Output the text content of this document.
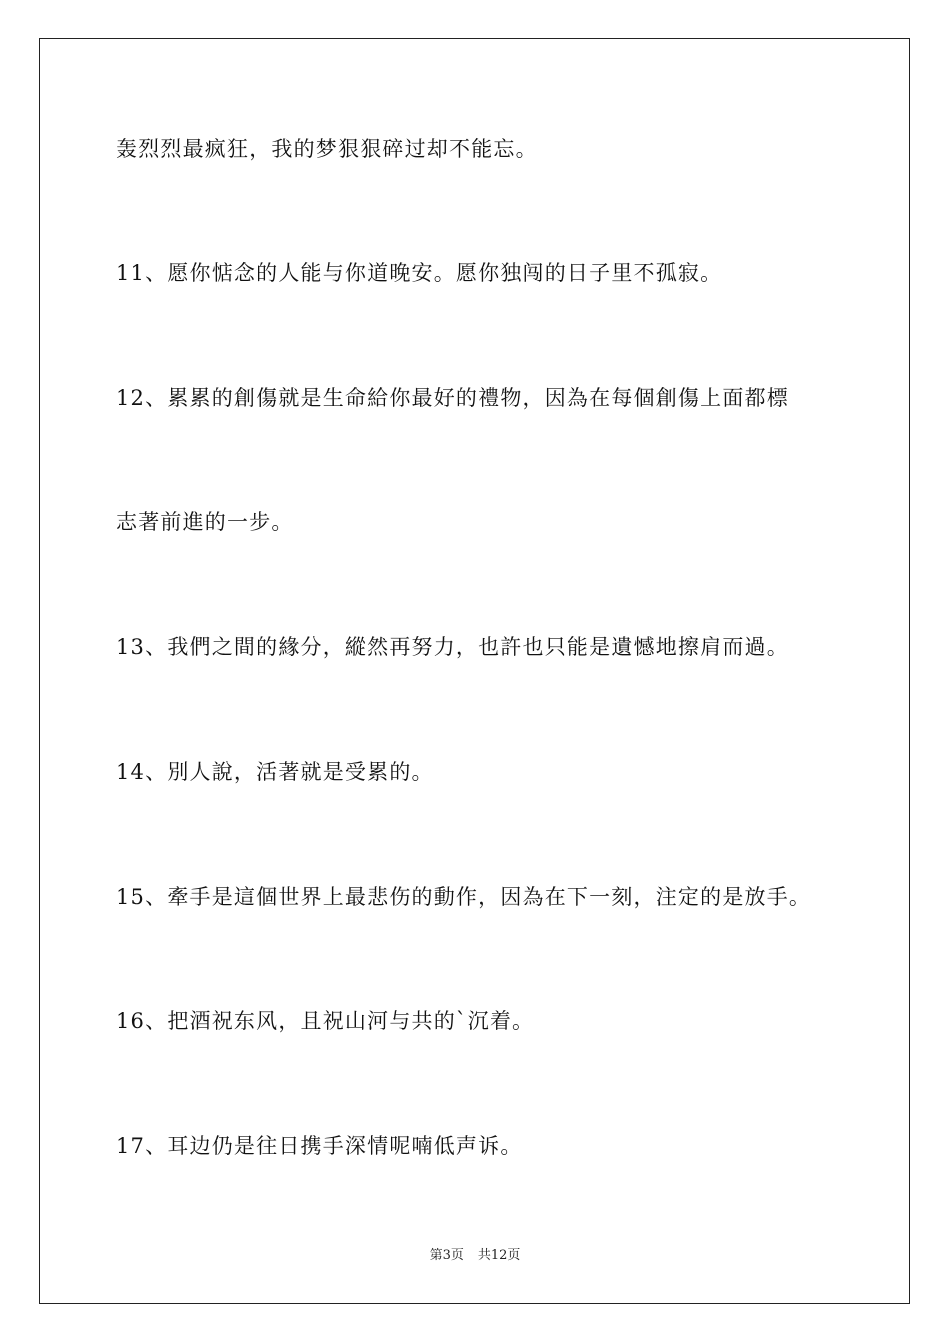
轰烈烈最疯狂，我的梦狠狠碎过却不能忘。
11、愿你惦念的人能与你道晚安。愿你独闯的日子里不孤寂。
12、累累的創傷就是生命給你最好的禮物，因為在每個創傷上面都標
志著前進的一步。
13、我們之間的緣分，縱然再努力，也許也只能是遺憾地擦肩而過。
14、別人說，活著就是受累的。
15、牽手是這個世界上最悲伤的動作，因為在下一刻，注定的是放手。
16、把酒祝东风，且祝山河与共的`沉着。
17、耳边仍是往日携手深情呢喃低声诉。
第3页 共12页
